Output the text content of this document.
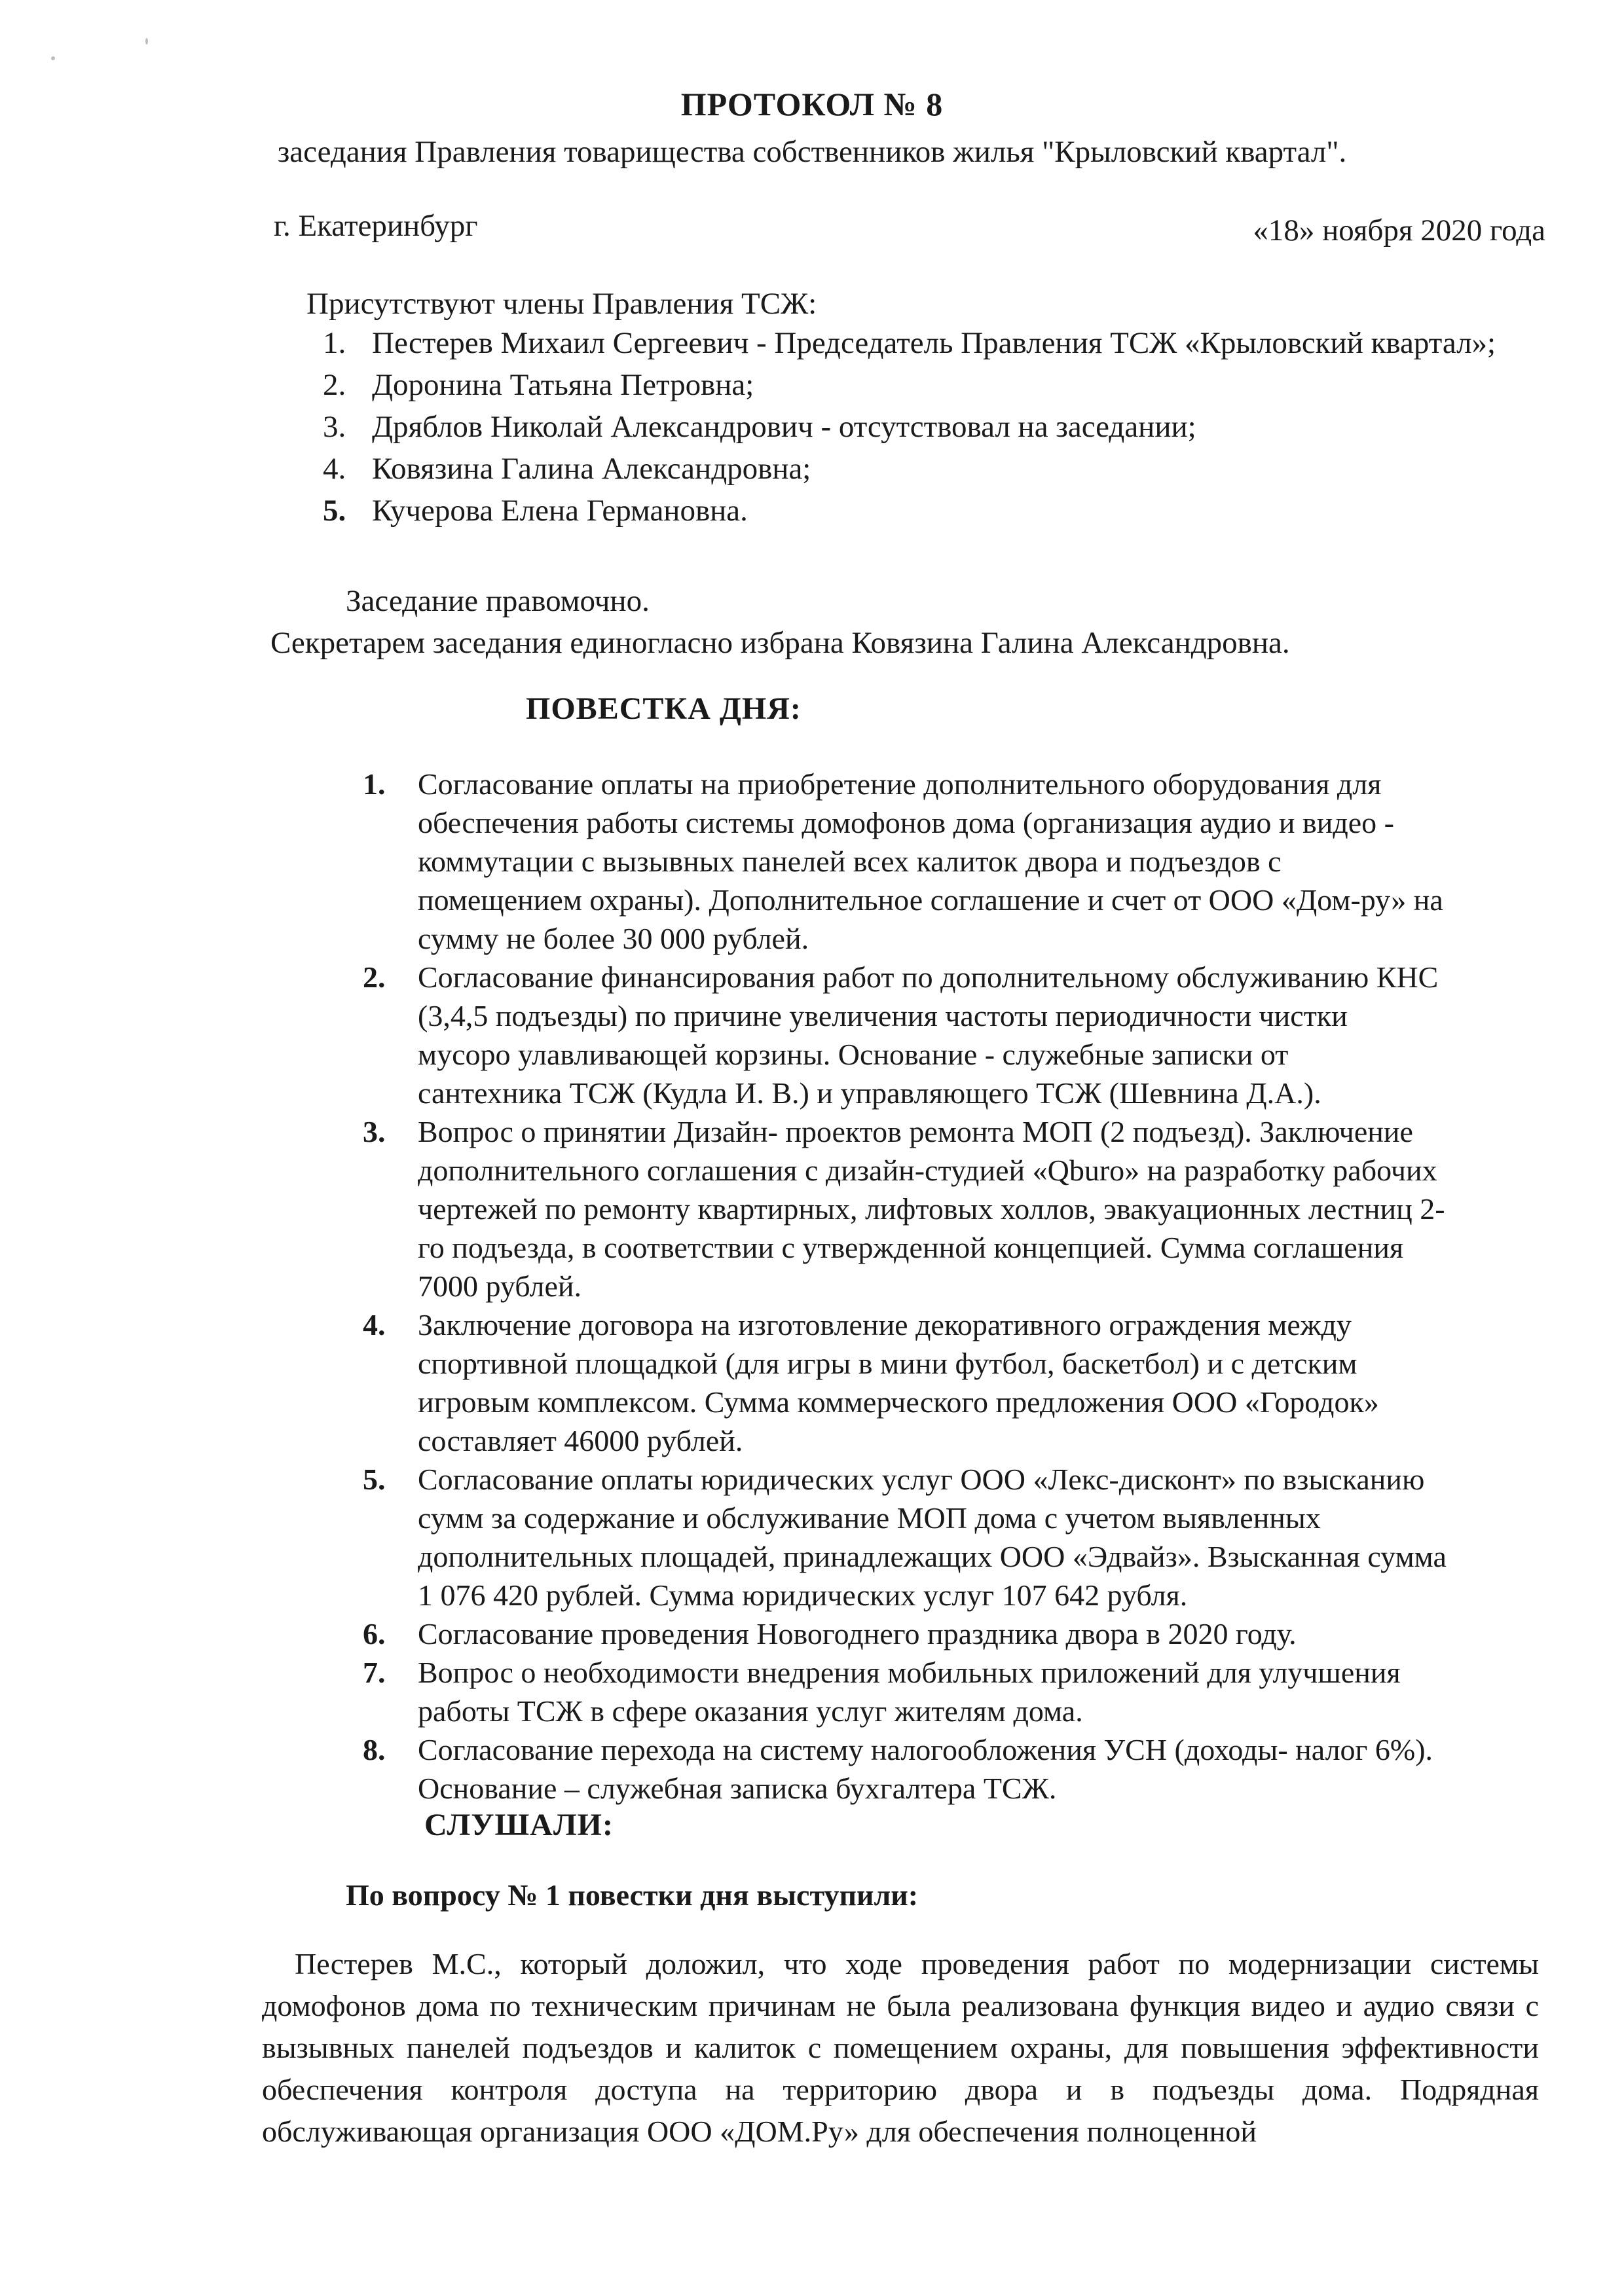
ПРОТОКОЛ № 8
заседания Правления товарищества собственников жилья "Крыловский квартал".
г. Екатеринбург	«18» ноября 2020 года
Присутствуют члены Правления ТСЖ:
1. Пестерев Михаил Сергеевич - Председатель Правления ТСЖ «Крыловский квартал»;
2. Доронина Татьяна Петровна;
3. Дряблов Николай Александрович - отсутствовал на заседании;
4. Ковязина Галина Александровна;
5. Кучерова Елена Германовна.
Заседание правомочно.
Секретарем заседания единогласно избрана Ковязина Галина Александровна.
ПОВЕСТКА ДНЯ:
1. Согласование оплаты на приобретение дополнительного оборудования для
обеспечения работы системы домофонов дома (организация аудио и видео -
коммутации с вызывных панелей всех калиток двора и подъездов с
помещением охраны). Дополнительное соглашение и счет от ООО «Дом-ру» на
сумму не более 30 000 рублей.
2. Согласование финансирования работ по дополнительному обслуживанию КНС
(3,4,5 подъезды) по причине увеличения частоты периодичности чистки
мусоро улавливающей корзины. Основание - служебные записки от
сантехника ТСЖ (Кудла И. В.) и управляющего ТСЖ (Шевнина Д.А.).
3. Вопрос о принятии Дизайн- проектов ремонта МОП (2 подъезд). Заключение
дополнительного соглашения с дизайн-студией «Qburo» на разработку рабочих
чертежей по ремонту квартирных, лифтовых холлов, эвакуационных лестниц 2-
го подъезда, в соответствии с утвержденной концепцией. Сумма соглашения
7000 рублей.
4. Заключение договора на изготовление декоративного ограждения между
спортивной площадкой (для игры в мини футбол, баскетбол) и с детским
игровым комплексом. Сумма коммерческого предложения ООО «Городок»
составляет 46000 рублей.
5. Согласование оплаты юридических услуг ООО «Лекс-дисконт» по взысканию
сумм за содержание и обслуживание МОП дома с учетом выявленных
дополнительных площадей, принадлежащих ООО «Эдвайз». Взысканная сумма
1 076 420 рублей. Сумма юридических услуг 107 642 рубля.
6. Согласование проведения Новогоднего праздника двора в 2020 году.
7. Вопрос о необходимости внедрения мобильных приложений для улучшения
работы ТСЖ в сфере оказания услуг жителям дома.
8. Согласование перехода на систему налогообложения УСН (доходы- налог 6%).
Основание – служебная записка бухгалтера ТСЖ.
СЛУШАЛИ:
По вопросу № 1 повестки дня выступили:
Пестерев М.С., который доложил, что ходе проведения работ по модернизации системы домофонов дома по техническим причинам не была реализована функция видео и аудио связи с вызывных панелей подъездов и калиток с помещением охраны, для повышения эффективности обеспечения контроля доступа на территорию двора и в подъезды дома. Подрядная обслуживающая организация ООО «ДОМ.Ру» для обеспечения полноценной
